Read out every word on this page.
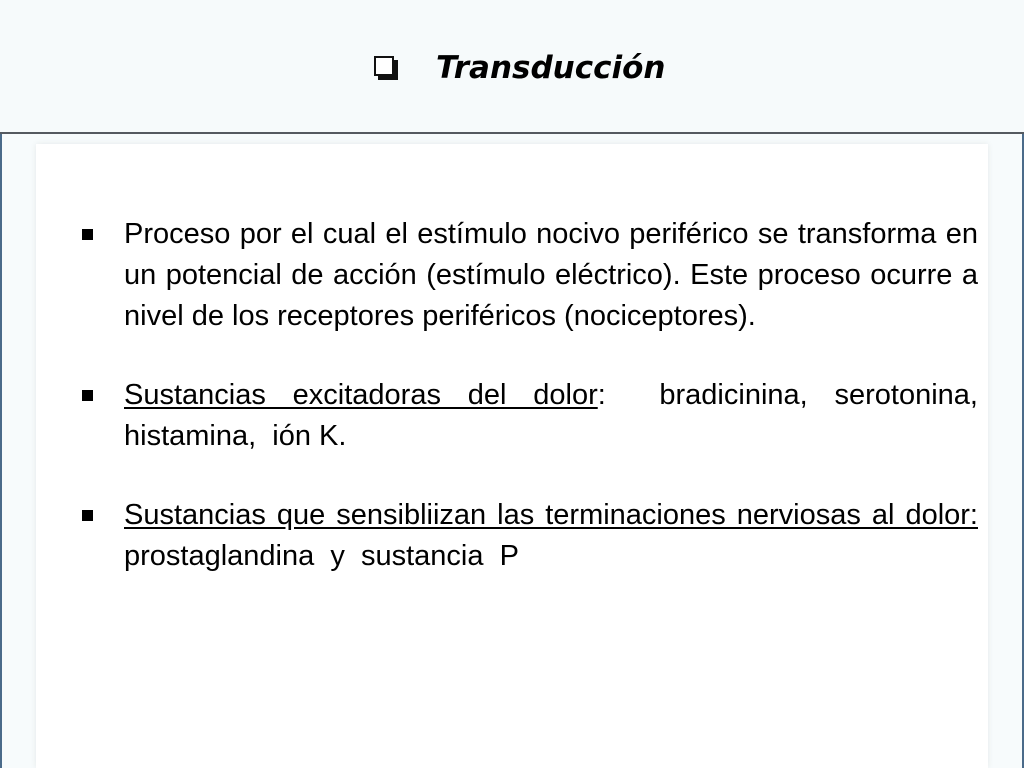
Transducción
Proceso por el cual el estímulo nocivo periférico se transforma en un potencial de acción (estímulo eléctrico). Este proceso ocurre a nivel de los receptores periféricos (nociceptores).
Sustancias excitadoras del dolor:  bradicinina, serotonina, histamina,  ión K.
Sustancias que sensibliizan las terminaciones nerviosas al dolor:  prostaglandina  y  sustancia  P
